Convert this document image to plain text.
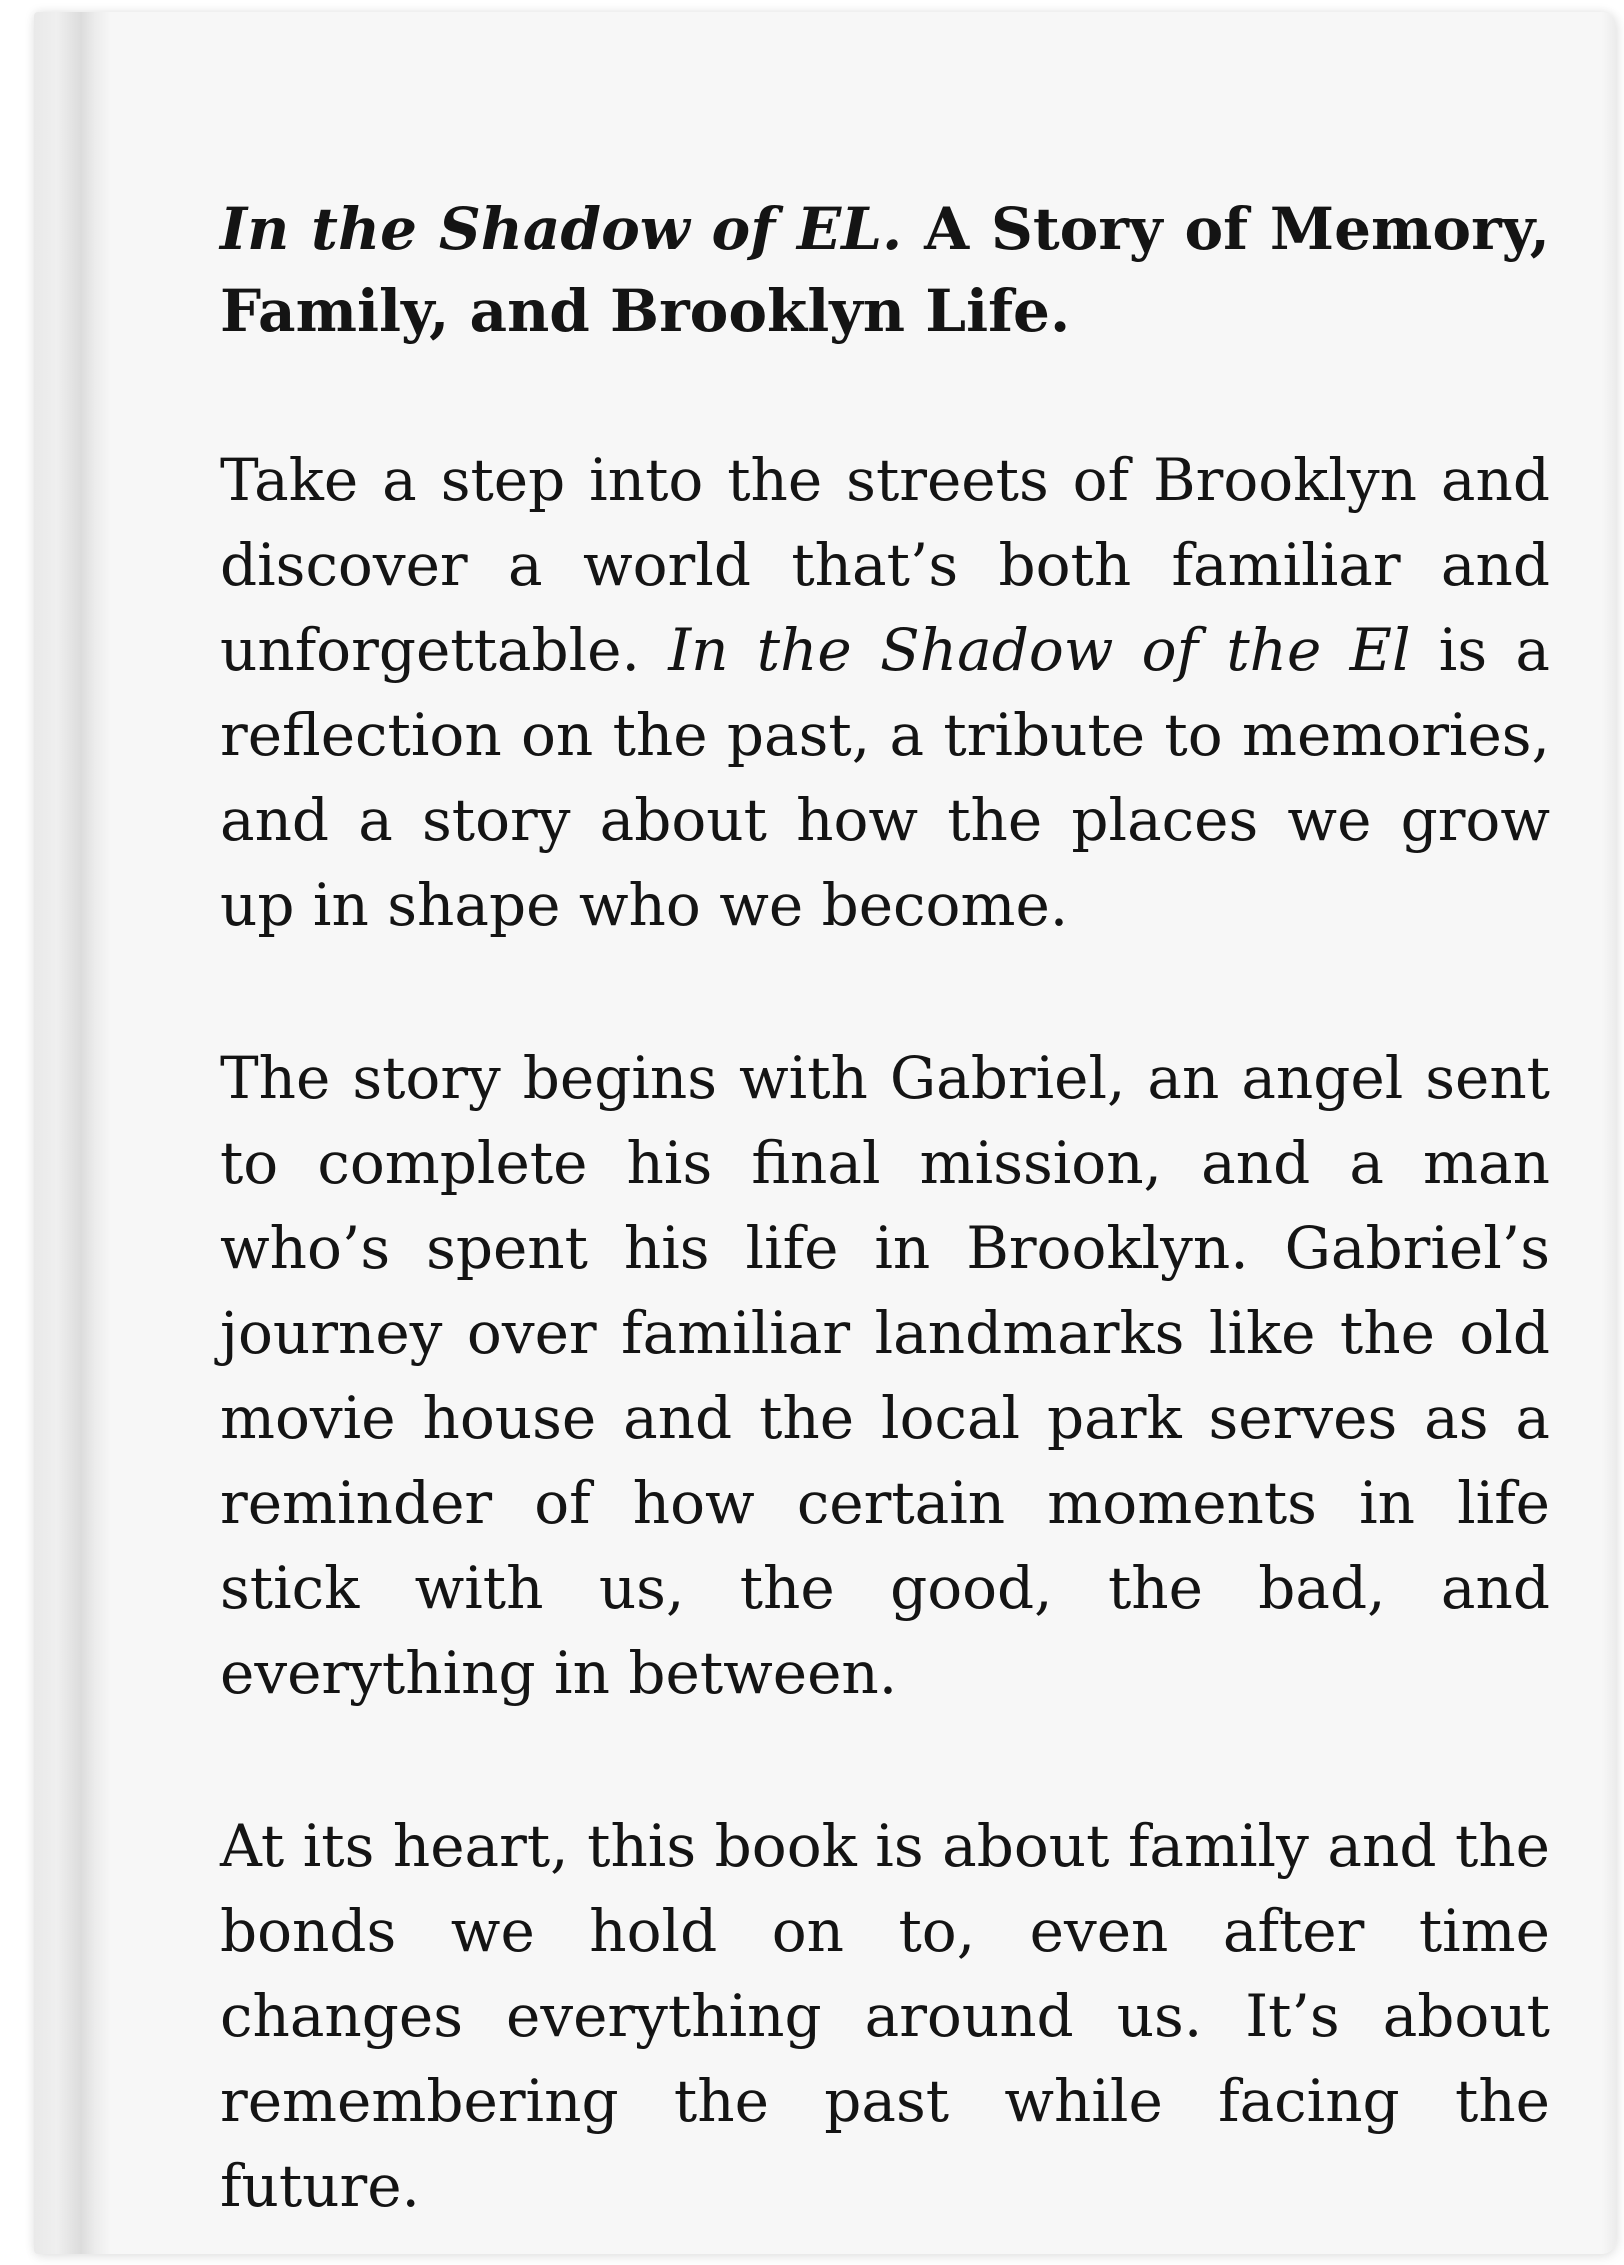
In the Shadow of EL. A Story of Memory, Family, and Brooklyn Life.

Take a step into the streets of Brooklyn and discover a world that’s both familiar and unforgettable. In the Shadow of the El is a reflection on the past, a tribute to memories, and a story about how the places we grow up in shape who we become.

The story begins with Gabriel, an angel sent to complete his final mission, and a man who’s spent his life in Brooklyn. Gabriel’s journey over familiar landmarks like the old movie house and the local park serves as a reminder of how certain moments in life stick with us, the good, the bad, and everything in between.

At its heart, this book is about family and the bonds we hold on to, even after time changes everything around us. It’s about remembering the past while facing the future.
